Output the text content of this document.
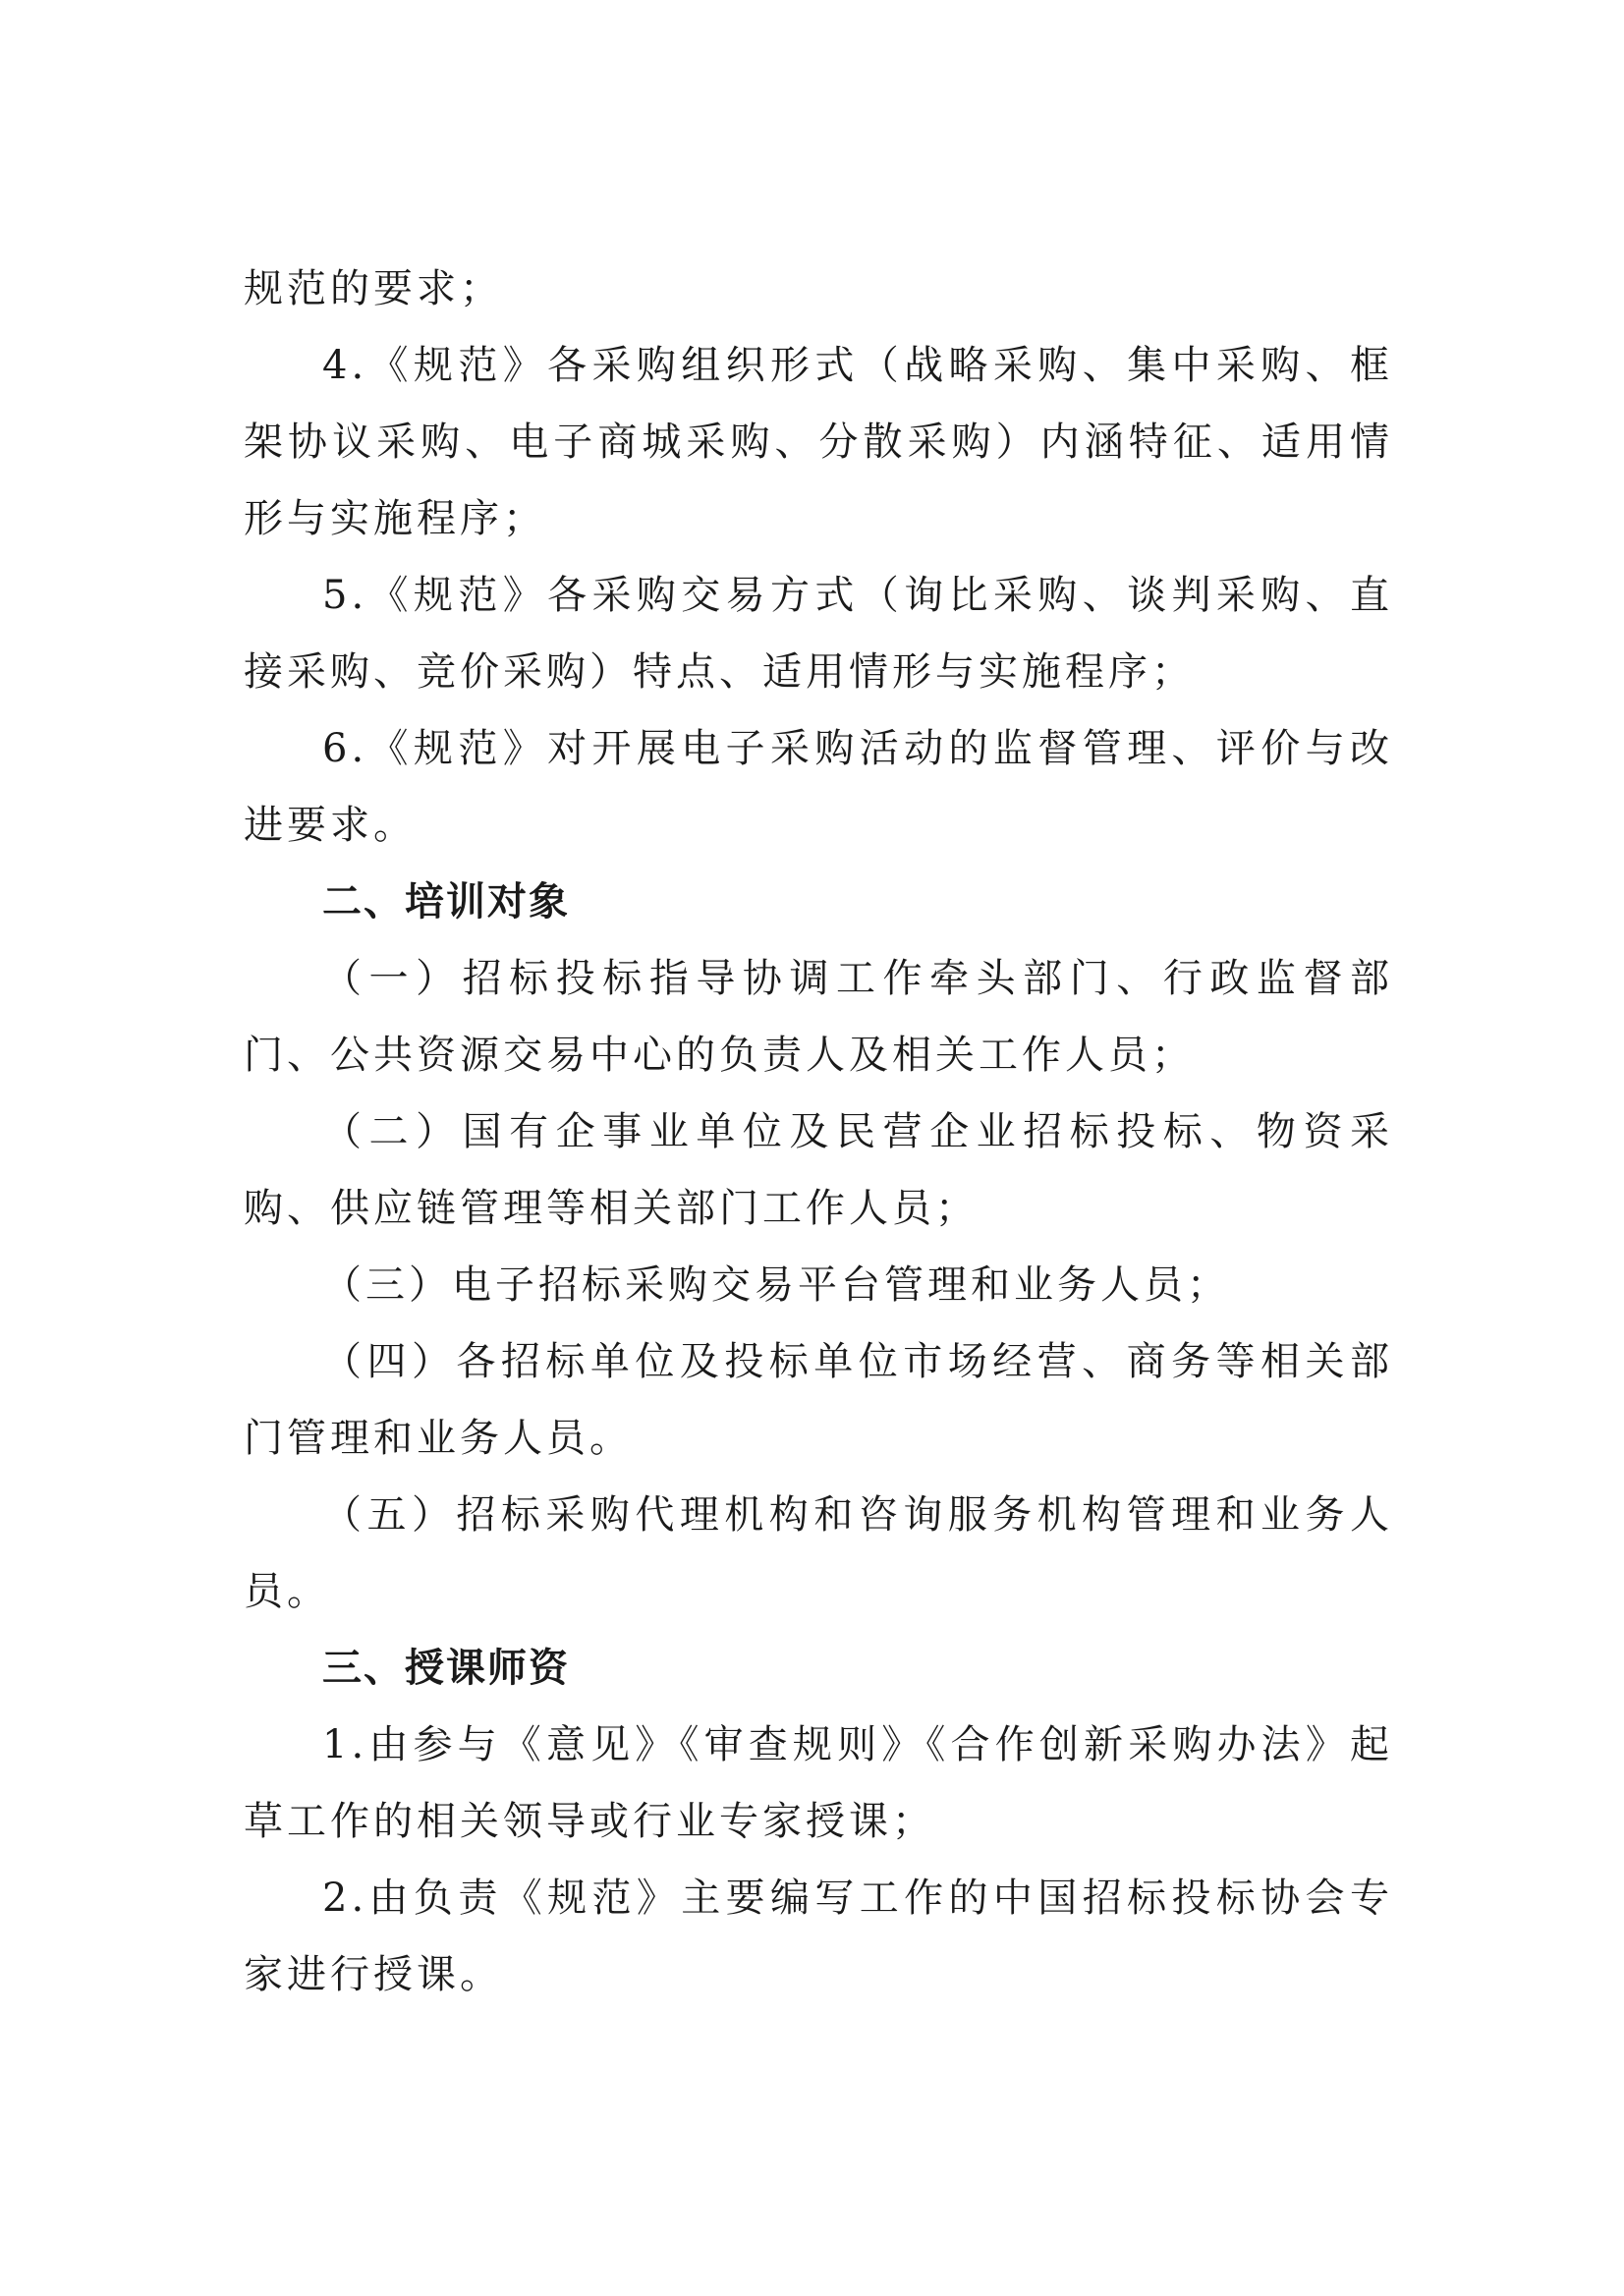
规范的要求；

4.《规范》各采购组织形式（战略采购、集中采购、框架协议采购、电子商城采购、分散采购）内涵特征、适用情形与实施程序；

5.《规范》各采购交易方式（询比采购、谈判采购、直接采购、竞价采购）特点、适用情形与实施程序；

6.《规范》对开展电子采购活动的监督管理、评价与改进要求。

二、培训对象

（一）招标投标指导协调工作牵头部门、行政监督部门、公共资源交易中心的负责人及相关工作人员；

（二）国有企事业单位及民营企业招标投标、物资采购、供应链管理等相关部门工作人员；

（三）电子招标采购交易平台管理和业务人员；

（四）各招标单位及投标单位市场经营、商务等相关部门管理和业务人员。

（五）招标采购代理机构和咨询服务机构管理和业务人员。

三、授课师资

1.由参与《意见》《审查规则》《合作创新采购办法》起草工作的相关领导或行业专家授课；

2.由负责《规范》主要编写工作的中国招标投标协会专家进行授课。
